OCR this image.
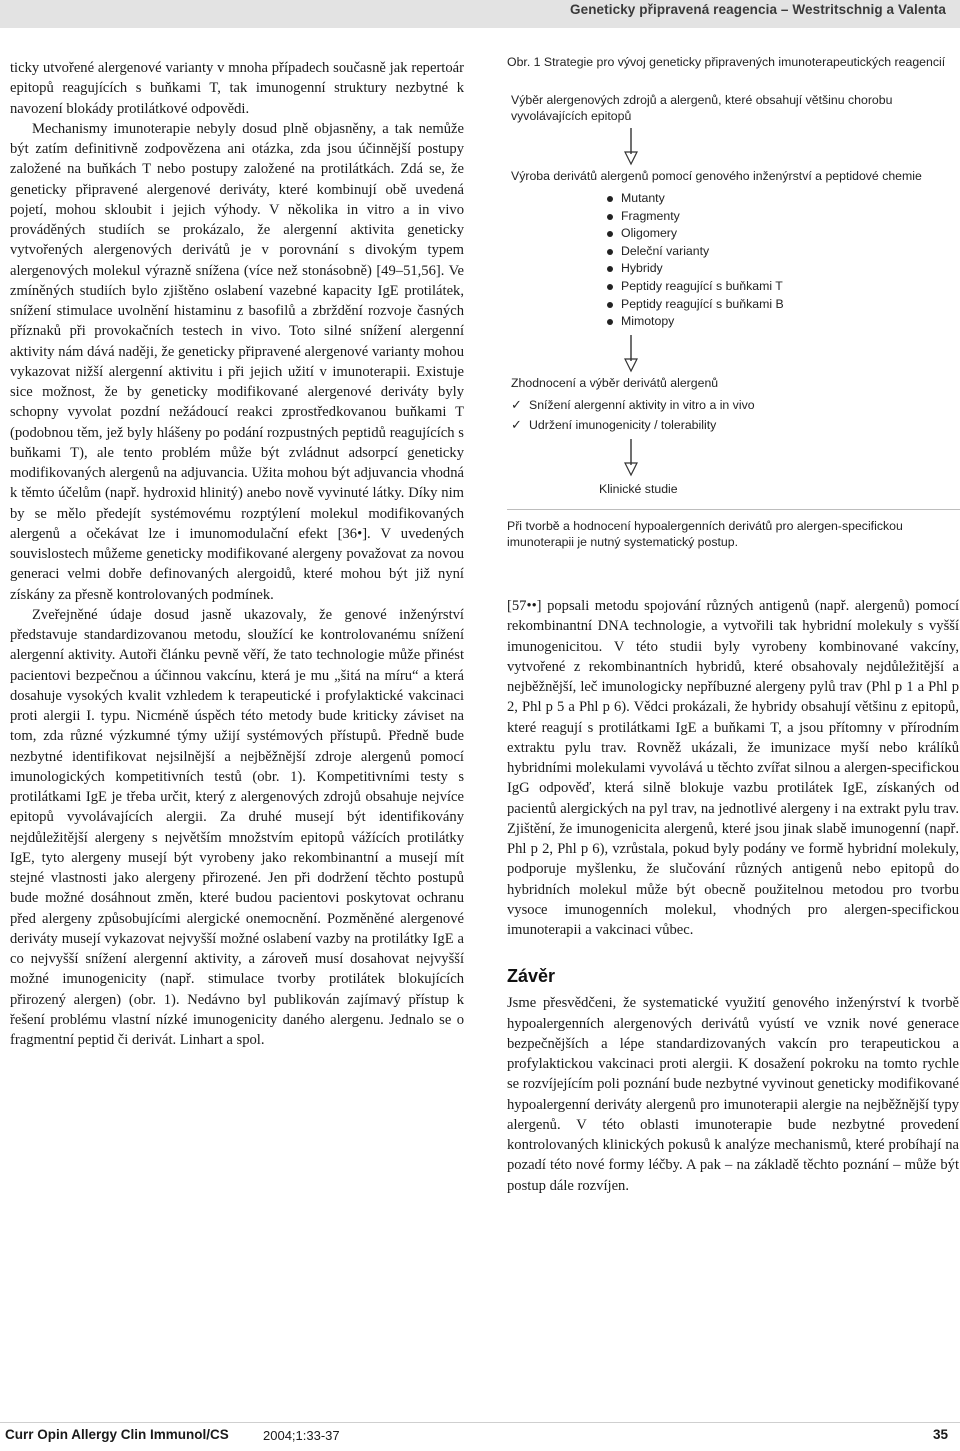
Geneticky připravená reagencia – Westritschnig a Valenta

ticky utvořené alergenové varianty v mnoha případech současně jak repertoár epitopů reagujících s buňkami T, tak imunogenní struktury nezbytné k navození blokády protilátkové odpovědi.

Mechanismy imunoterapie nebyly dosud plně objasněny, a tak nemůže být zatím definitivně zodpovězena ani otázka, zda jsou účinnější postupy založené na buňkách T nebo postupy založené na protilátkách. Zdá se, že geneticky připravené alergenové deriváty, které kombinují obě uvedená pojetí, mohou skloubit i jejich výhody. V několika in vitro a in vivo prováděných studiích se prokázalo, že alergenní aktivita geneticky vytvořených alergenových derivátů je v porovnání s divokým typem alergenových molekul výrazně snížena (více než stonásobně) [49–51,56]. Ve zmíněných studiích bylo zjištěno oslabení vazebné kapacity IgE protilátek, snížení stimulace uvolnění histaminu z basofilů a zbrždění rozvoje časných příznaků při provokačních testech in vivo. Toto silné snížení alergenní aktivity nám dává naději, že geneticky připravené alergenové varianty mohou vykazovat nižší alergenní aktivitu i při jejich užití v imunoterapii. Existuje sice možnost, že by geneticky modifikované alergenové deriváty byly schopny vyvolat pozdní nežádoucí reakci zprostředkovanou buňkami T (podobnou těm, jež byly hlášeny po podání rozpustných peptidů reagujících s buňkami T), ale tento problém může být zvládnut adsorpcí geneticky modifikovaných alergenů na adjuvancia. Užita mohou být adjuvancia vhodná k těmto účelům (např. hydroxid hlinitý) anebo nově vyvinuté látky. Díky nim by se mělo předejít systémovému rozptýlení molekul modifikovaných alergenů a očekávat lze i imunomodulační efekt [36•]. V uvedených souvislostech můžeme geneticky modifikované alergeny považovat za novou generaci velmi dobře definovaných alergoidů, které mohou být již nyní získány za přesně kontrolovaných podmínek.

Zveřejněné údaje dosud jasně ukazovaly, že genové inženýrství představuje standardizovanou metodu, sloužící ke kontrolovanému snížení alergenní aktivity. Autoři článku pevně věří, že tato technologie může přinést pacientovi bezpečnou a účinnou vakcínu, která je mu „šitá na míru“ a která dosahuje vysokých kvalit vzhledem k terapeutické i profylaktické vakcinaci proti alergii I. typu. Nicméně úspěch této metody bude kriticky záviset na tom, zda různé výzkumné týmy užijí systémových přístupů. Předně bude nezbytné identifikovat nejsilnější a nejběžnější zdroje alergenů pomocí imunologických kompetitivních testů (obr. 1). Kompetitivními testy s protilátkami IgE je třeba určit, který z alergenových zdrojů obsahuje nejvíce epitopů vyvolávajících alergii. Za druhé musejí být identifikovány nejdůležitější alergeny s největším množstvím epitopů vážících protilátky IgE, tyto alergeny musejí být vyrobeny jako rekombinantní a musejí mít stejné vlastnosti jako alergeny přirozené. Jen při dodržení těchto postupů bude možné dosáhnout změn, které budou pacientovi poskytovat ochranu před alergeny způsobujícími alergické onemocnění. Pozměněné alergenové deriváty musejí vykazovat nejvyšší možné oslabení vazby na protilátky IgE a co nejvyšší snížení alergenní aktivity, a zároveň musí dosahovat nejvyšší možné imunogenicity (např. stimulace tvorby protilátek blokujících přirozený alergen) (obr. 1). Nedávno byl publikován zajímavý přístup k řešení problému vlastní nízké imunogenicity daného alergenu. Jednalo se o fragmentní peptid či derivát. Linhart a spol.

Obr. 1 Strategie pro vývoj geneticky připravených imunoterapeutických reagencií

Výběr alergenových zdrojů a alergenů, které obsahují většinu chorobu vyvolávajících epitopů

Výroba derivátů alergenů pomocí genového inženýrství a peptidové chemie

Mutanty
Fragmenty
Oligomery
Deleční varianty
Hybridy
Peptidy reagující s buňkami T
Peptidy reagující s buňkami B
Mimotopy

Zhodnocení a výběr derivátů alergenů

✓ Snížení alergenní aktivity in vitro a in vivo
✓ Udržení imunogenicity / tolerability

Klinické studie

Při tvorbě a hodnocení hypoalergenních derivátů pro alergen-specifickou imunoterapii je nutný systematický postup.

[57••] popsali metodu spojování různých antigenů (např. alergenů) pomocí rekombinantní DNA technologie, a vytvořili tak hybridní molekuly s vyšší imunogenicitou. V této studii byly vyrobeny kombinované vakcíny, vytvořené z rekombinantních hybridů, které obsahovaly nejdůležitější a nejběžnější, leč imunologicky nepříbuzné alergeny pylů trav (Phl p 1 a Phl p 2, Phl p 5 a Phl p 6). Vědci prokázali, že hybridy obsahují většinu z epitopů, které reagují s protilátkami IgE a buňkami T, a jsou přítomny v přírodním extraktu pylu trav. Rovněž ukázali, že imunizace myší nebo králíků hybridními molekulami vyvolává u těchto zvířat silnou a alergen-specifickou IgG odpověď, která silně blokuje vazbu protilátek IgE, získaných od pacientů alergických na pyl trav, na jednotlivé alergeny i na extrakt pylu trav. Zjištění, že imunogenicita alergenů, které jsou jinak slabě imunogenní (např. Phl p 2, Phl p 6), vzrůstala, pokud byly podány ve formě hybridní molekuly, podporuje myšlenku, že slučování různých antigenů nebo epitopů do hybridních molekul může být obecně použitelnou metodou pro tvorbu vysoce imunogenních molekul, vhodných pro alergen-specifickou imunoterapii a vakcinaci vůbec.

Závěr

Jsme přesvědčeni, že systematické využití genového inženýrství k tvorbě hypoalergenních alergenových derivátů vyústí ve vznik nové generace bezpečnějších a lépe standardizovaných vakcín pro terapeutickou a profylaktickou vakcinaci proti alergii. K dosažení pokroku na tomto rychle se rozvíjejícím poli poznání bude nezbytné vyvinout geneticky modifikované hypoalergenní deriváty alergenů pro imunoterapii alergie na nejběžnější typy alergenů. V této oblasti imunoterapie bude nezbytné provedení kontrolovaných klinických pokusů k analýze mechanismů, které probíhají na pozadí této nové formy léčby. A pak – na základě těchto poznání – může být postup dále rozvíjen.

Curr Opin Allergy Clin Immunol/CS	2004;1:33-37	35
